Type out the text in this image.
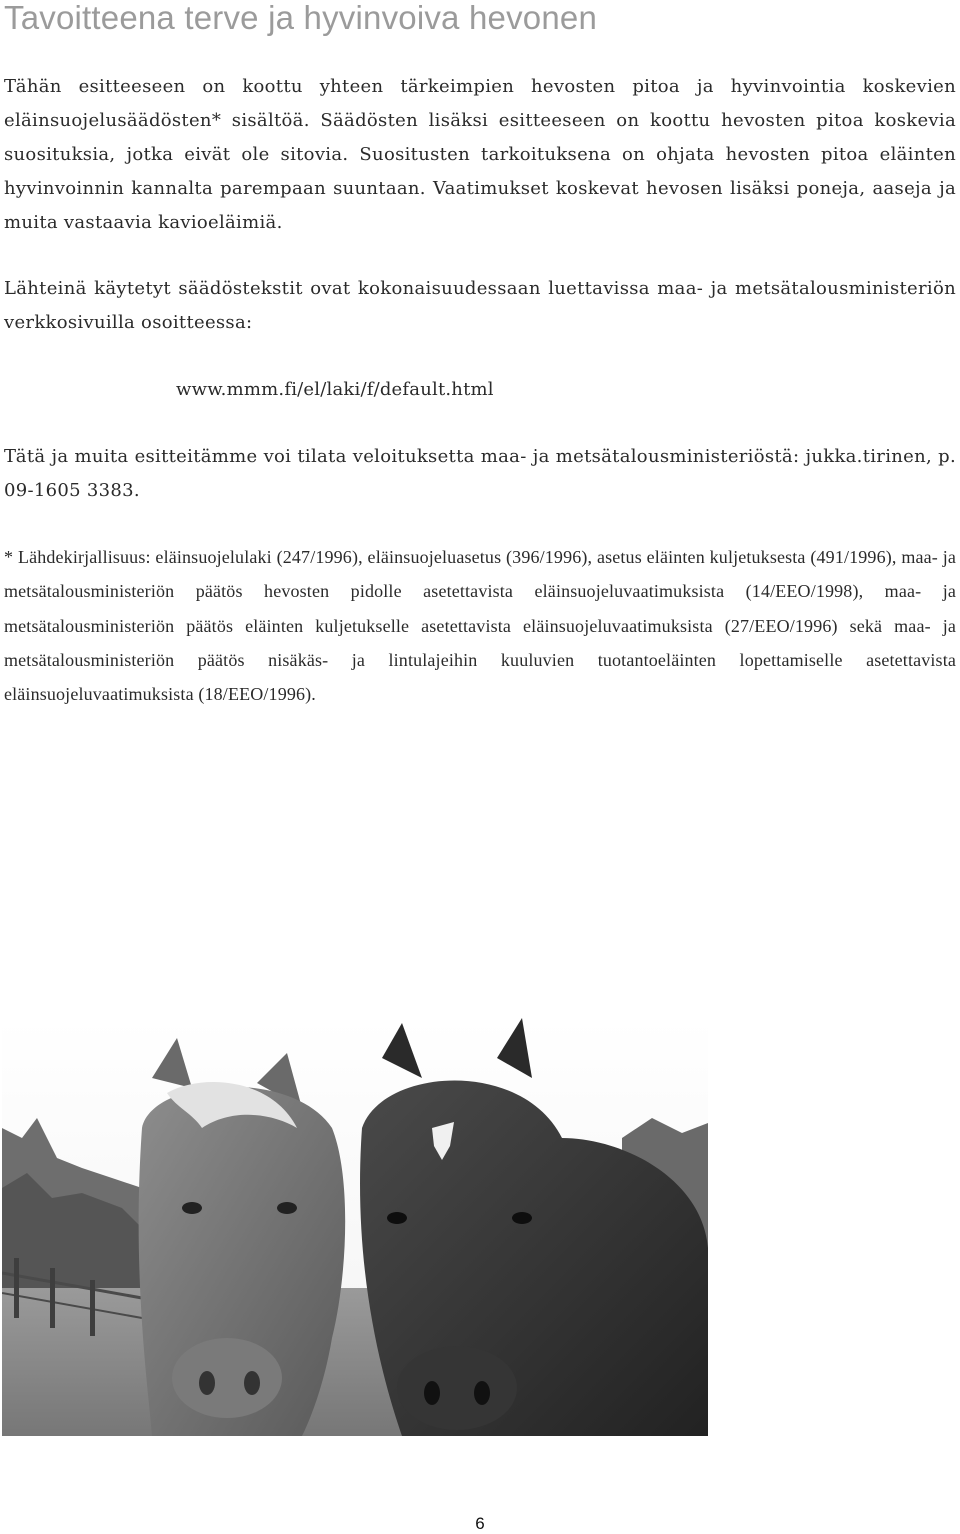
Tavoitteena terve ja hyvinvoiva hevonen

Tähän esitteeseen on koottu yhteen tärkeimpien hevosten pitoa ja hyvinvointia koskevien eläinsuojelusäädösten* sisältöä. Säädösten lisäksi esitteeseen on koottu hevosten pitoa koskevia suosituksia, jotka eivät ole sitovia. Suositusten tarkoituksena on ohjata hevosten pitoa eläinten hyvinvoinnin kannalta parempaan suuntaan. Vaatimukset koskevat hevosen lisäksi poneja, aaseja ja muita vastaavia kavioeläimiä.

Lähteinä käytetyt säädöstekstit ovat kokonaisuudessaan luettavissa maa- ja metsätalousministeriön verkkosivuilla osoitteessa:

www.mmm.fi/el/laki/f/default.html

Tätä ja muita esitteitämme voi tilata veloituksetta maa- ja metsätalousministeriöstä: jukka.tirinen, p. 09-1605 3383.

* Lähdekirjallisuus: eläinsuojelulaki (247/1996), eläinsuojeluasetus (396/1996), asetus eläinten kuljetuksesta (491/1996), maa- ja metsätalousministeriön päätös hevosten pidolle asetettavista eläinsuojeluvaatimuksista (14/EEO/1998), maa- ja metsätalousministeriön päätös eläinten kuljetukselle asetettavista eläinsuojeluvaatimuksista (27/EEO/1996) sekä maa- ja metsätalousministeriön päätös nisäkäs- ja lintulajeihin kuuluvien tuotantoeläinten lopettamiselle asetettavista eläinsuojeluvaatimuksista (18/EEO/1996).

6
